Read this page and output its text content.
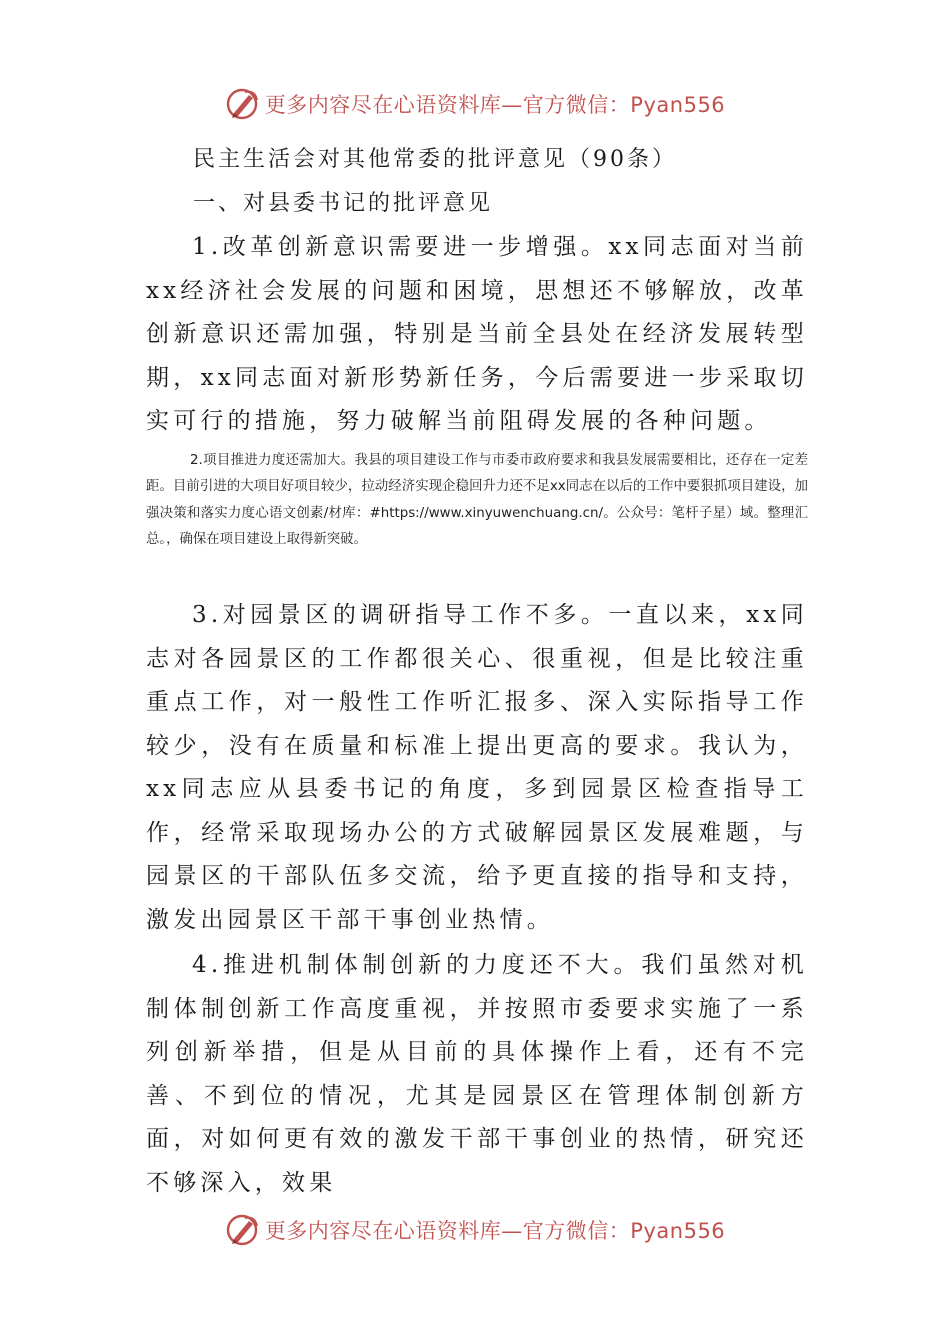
更多内容尽在心语资料库—官方微信：Pyan556
民主生活会对其他常委的批评意见（90条）
一、对县委书记的批评意见

1.改革创新意识需要进一步增强。xx同志面对当前xx经济社会发展的问题和困境，思想还不够解放，改革创新意识还需加强，特别是当前全县处在经济发展转型期，xx同志面对新形势新任务，今后需要进一步采取切实可行的措施，努力破解当前阻碍发展的各种问题。

2.项目推进力度还需加大。我县的项目建设工作与市委市政府要求和我县发展需要相比，还存在一定差距。目前引进的大项目好项目较少，拉动经济实现企稳回升力还不足xx同志在以后的工作中要狠抓项目建设，加强决策和落实力度心语文创素/材库：#https://www.xinyuwenchuang.cn/。公众号：笔杆子星）域。整理汇总。，确保在项目建设上取得新突破。

3.对园景区的调研指导工作不多。一直以来，xx同志对各园景区的工作都很关心、很重视，但是比较注重重点工作，对一般性工作听汇报多、深入实际指导工作较少，没有在质量和标准上提出更高的要求。我认为，xx同志应从县委书记的角度，多到园景区检查指导工作，经常采取现场办公的方式破解园景区发展难题，与园景区的干部队伍多交流，给予更直接的指导和支持，激发出园景区干部干事创业热情。

4.推进机制体制创新的力度还不大。我们虽然对机制体制创新工作高度重视，并按照市委要求实施了一系列创新举措，但是从目前的具体操作上看，还有不完善、不到位的情况，尤其是园景区在管理体制创新方面，对如何更有效的激发干部干事创业的热情，研究还不够深入，效果

更多内容尽在心语资料库—官方微信：Pyan556
